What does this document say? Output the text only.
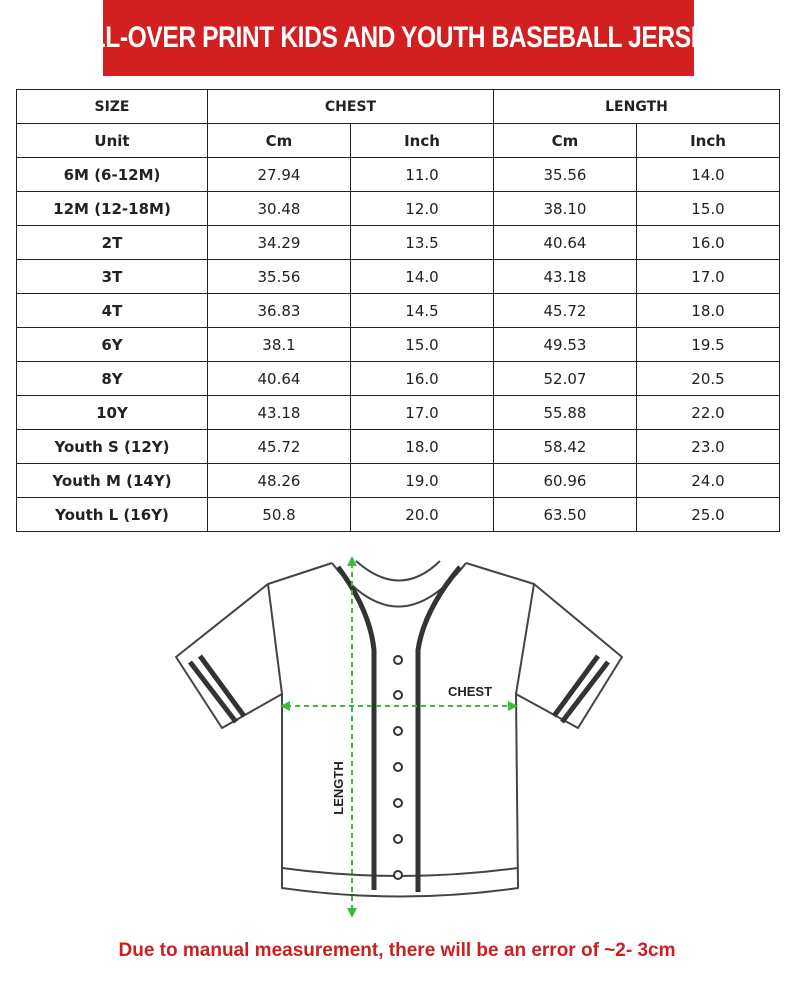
ALL-OVER PRINT KIDS AND YOUTH BASEBALL JERSEY
SIZE	CHEST		LENGTH	
Unit	Cm	Inch	Cm	Inch
6M (6-12M)	27.94	11.0	35.56	14.0
12M (12-18M)	30.48	12.0	38.10	15.0
2T	34.29	13.5	40.64	16.0
3T	35.56	14.0	43.18	17.0
4T	36.83	14.5	45.72	18.0
6Y	38.1	15.0	49.53	19.5
8Y	40.64	16.0	52.07	20.5
10Y	43.18	17.0	55.88	22.0
Youth S (12Y)	45.72	18.0	58.42	23.0
Youth M (14Y)	48.26	19.0	60.96	24.0
Youth L (16Y)	50.8	20.0	63.50	25.0
CHEST
LENGTH
Due to manual measurement, there will be an error of ~2- 3cm
